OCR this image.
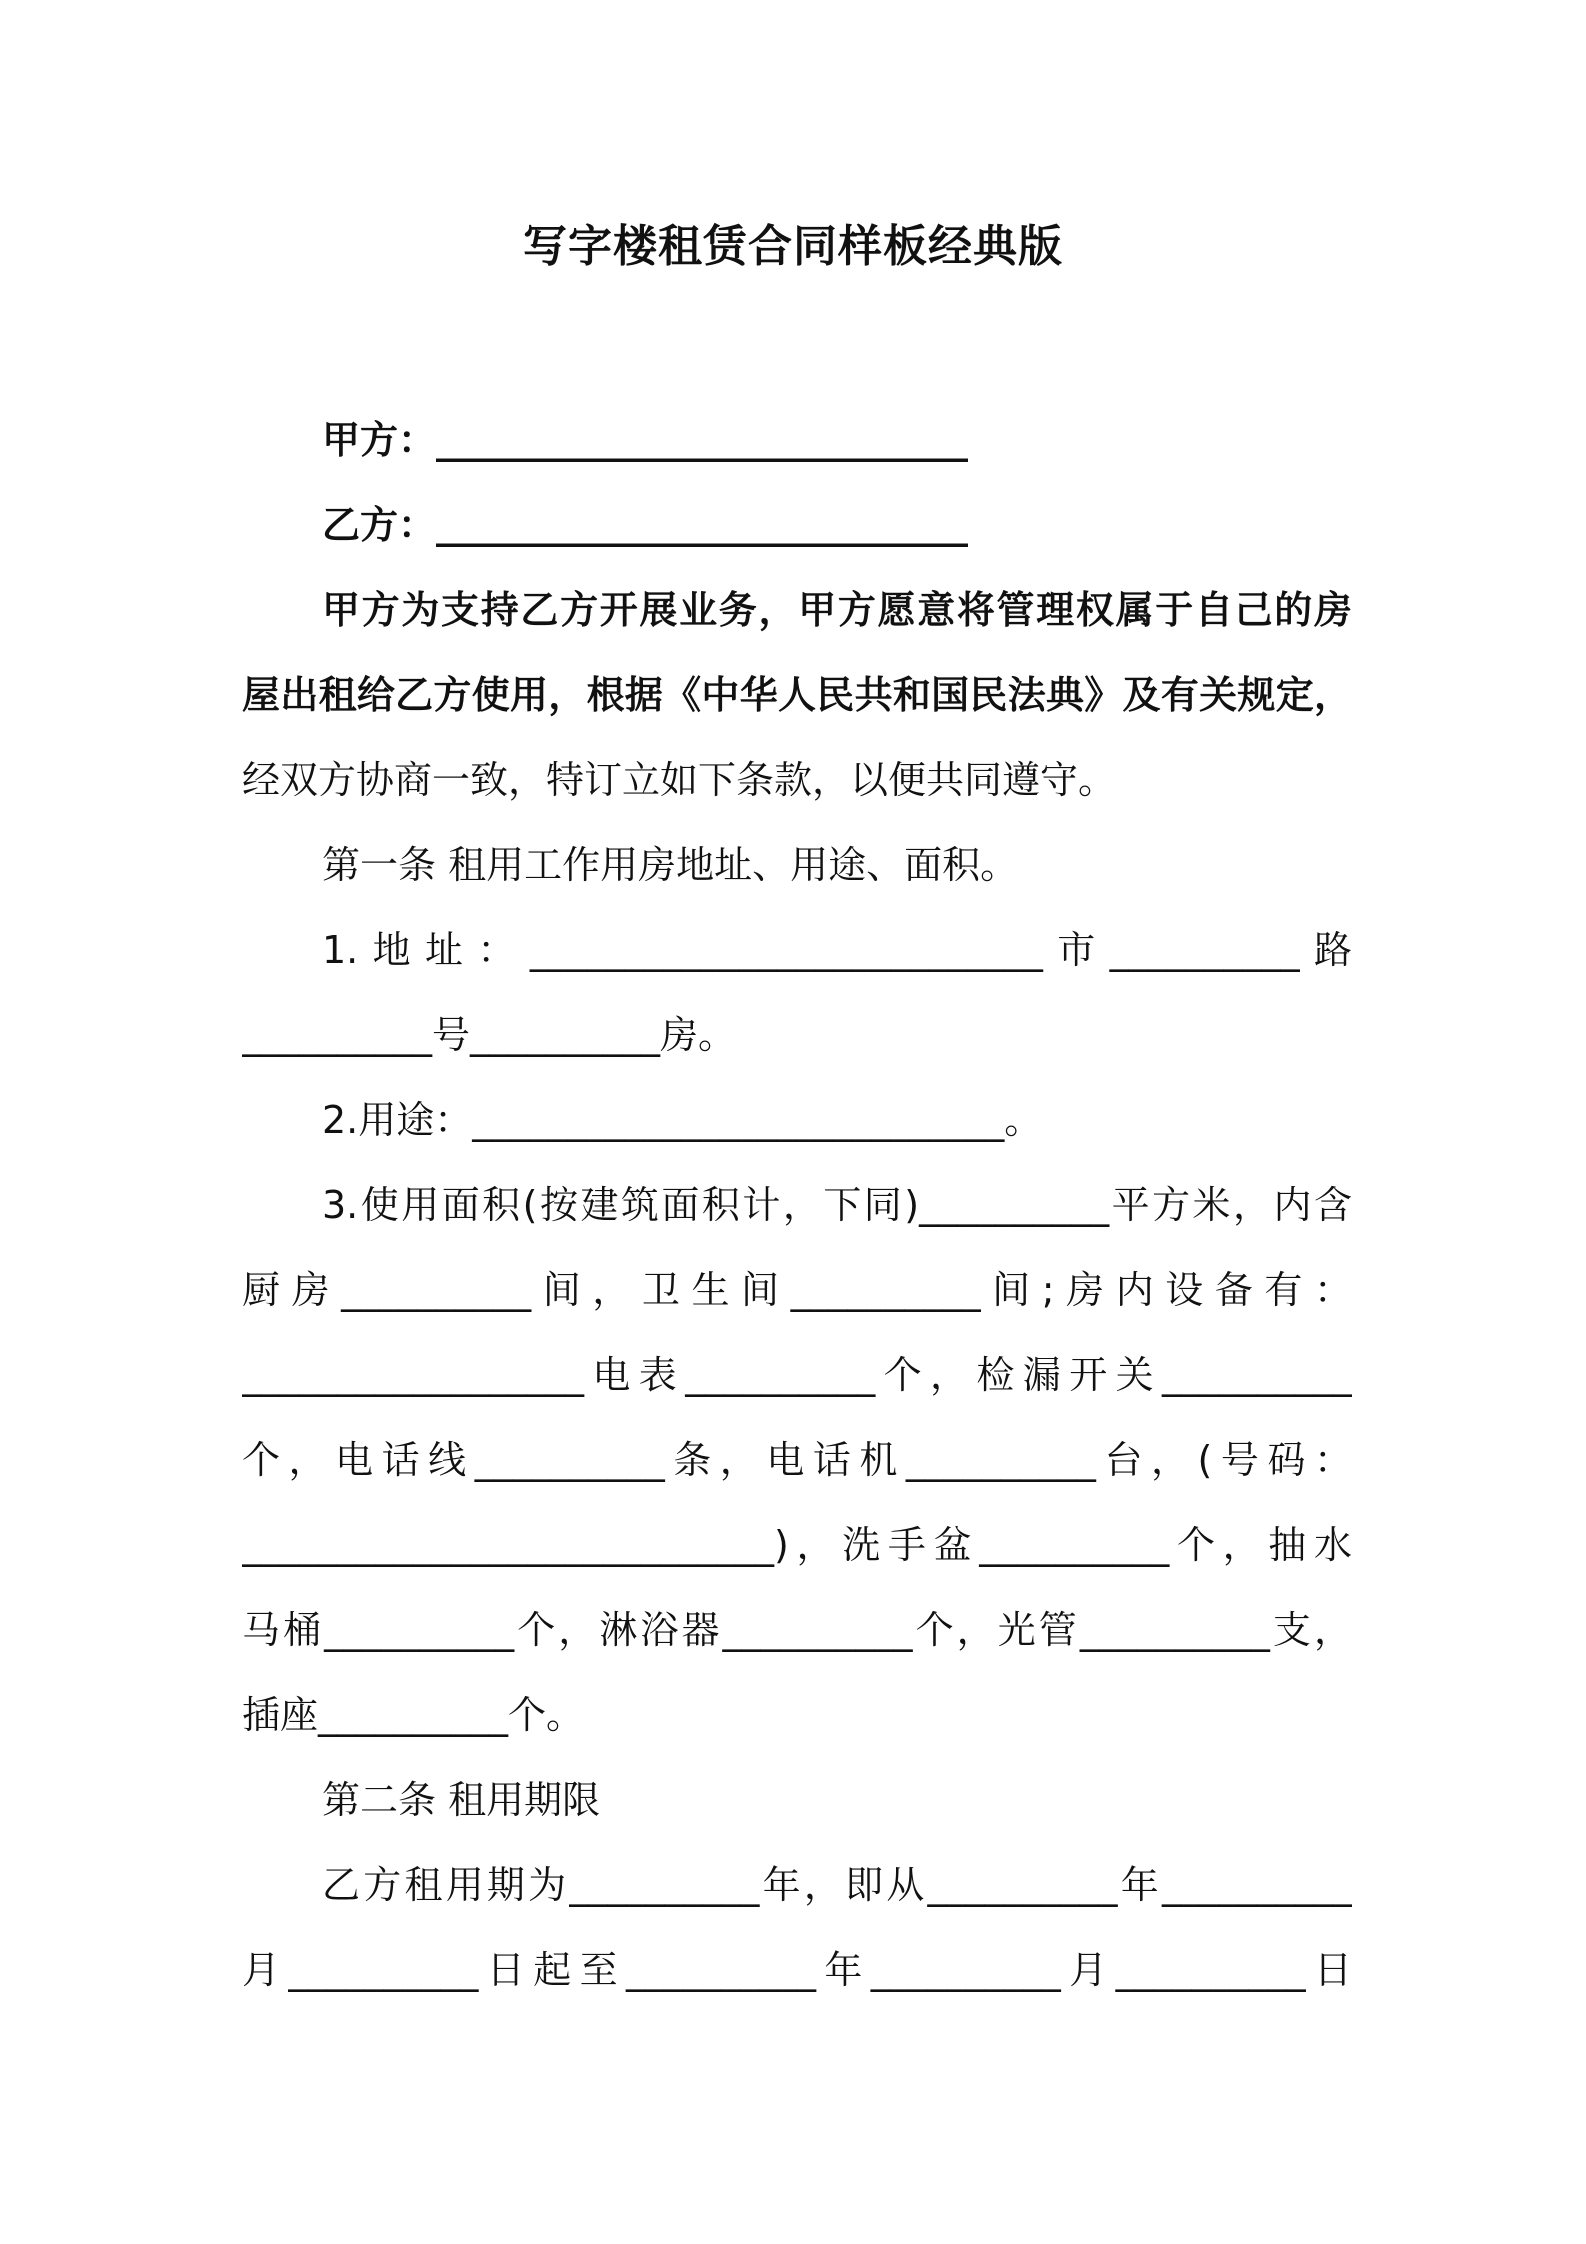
写字楼租赁合同样板经典版
甲方：____________________________
乙方：____________________________
甲方为支持乙方开展业务，甲方愿意将管理权属于自己的房
屋出租给乙方使用，根据《中华人民共和国民法典》及有关规定，
经双方协商一致，特订立如下条款，以便共同遵守。
第一条 租用工作用房地址、用途、面积。
1.地址：___________________________市__________路
__________号__________房。
2.用途：____________________________。
3.使用面积(按建筑面积计，下同)__________平方米，内含
厨房__________间，卫生间__________间;房内设备有：
__________________电表__________个，检漏开关__________
个，电话线__________条，电话机__________台，(号码：
____________________________)，洗手盆__________个，抽水
马桶__________个，淋浴器__________个，光管__________支，
插座__________个。
第二条 租用期限
乙方租用期为__________年，即从__________年__________
月__________日起至__________年__________月__________日
